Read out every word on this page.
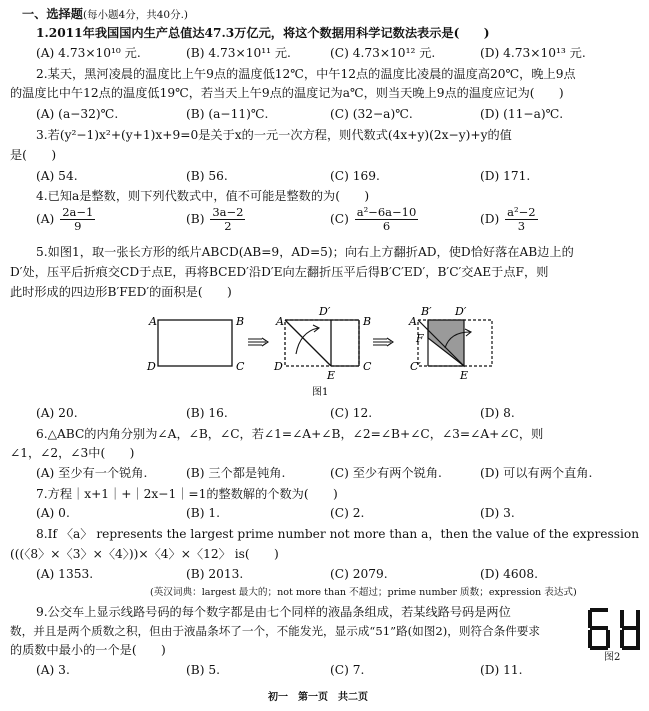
一、选择题(每小题4分，共40分.)
1.2011年我国国内生产总值达47.3万亿元，将这个数据用科学记数法表示是(　　)
(A) 4.73×10¹⁰ 元.	(B) 4.73×10¹¹ 元.	(C) 4.73×10¹² 元.	(D) 4.73×10¹³ 元.
2.某天，黑河凌晨的温度比上午9点的温度低12℃，中午12点的温度比凌晨的温度高20℃，晚上9点
的温度比中午12点的温度低19℃，若当天上午9点的温度记为a℃，则当天晚上9点的温度应记为(　　)
(A) (a−32)℃.	(B) (a−11)℃.	(C) (32−a)℃.	(D) (11−a)℃.
3.若(y²−1)x²+(y+1)x+9=0是关于x的一元一次方程，则代数式(4x+y)(2x−y)+y的值
是(　　)
(A) 54.	(B) 56.	(C) 169.	(D) 171.
4.已知a是整数，则下列代数式中，值不可能是整数的为(　　)
$(A) \frac{2a-1}{9}$	$(B) \frac{3a-2}{2}$	$(C) \frac{\text{a²−6a−10}}{6}$	$(D) \frac{\text{a²−2}}{3}$
5.如图1，取一张长方形的纸片ABCD(AB=9，AD=5)；向右上方翻折AD，使D恰好落在AB边上的
D′处，压平后折痕交CD于点E，再将BCED′沿D′E向左翻折压平后得B′C′ED′，B′C′交AE于点F，则
此时形成的四边形B′FED′的面积是(　　)
A	B
C
D
A
D′
B
C
D
E
A
B′ D′
F
C′
E
图1
(A) 20.	(B) 16.	(C) 12.	(D) 8.
6.△ABC的内角分别为∠A，∠B，∠C，若∠1=∠A+∠B，∠2=∠B+∠C，∠3=∠A+∠C，则
∠1，∠2，∠3中(　　)
(A) 至少有一个锐角.	(B) 三个都是钝角.	(C) 至少有两个锐角.	(D) 可以有两个直角.
7.方程｜x+1｜+｜2x−1｜=1的整数解的个数为(　　)
(A) 0.	(B) 1.	(C) 2.	(D) 3.
8.If 〈a〉 represents the largest prime number not more than a，then the value of the expression
(((〈8〉×〈3〉×〈4〉))×〈4〉×〈12〉 is(　　)
(A) 1353.	(B) 2013.	(C) 2079.	(D) 4608.
(英汉词典：largest 最大的；not more than 不超过；prime number 质数；expression 表达式)
9.公交车上显示线路号码的每个数字都是由七个同样的液晶条组成，若某线路号码是两位
数，并且是两个质数之积，但由于液晶条坏了一个，不能发光，显示成“51”路(如图2)，则符合条件要求
的质数中最小的一个是(　　)
图2
(A) 3.	(B) 5.	(C) 7.	(D) 11.
初一　第一页　共二页
